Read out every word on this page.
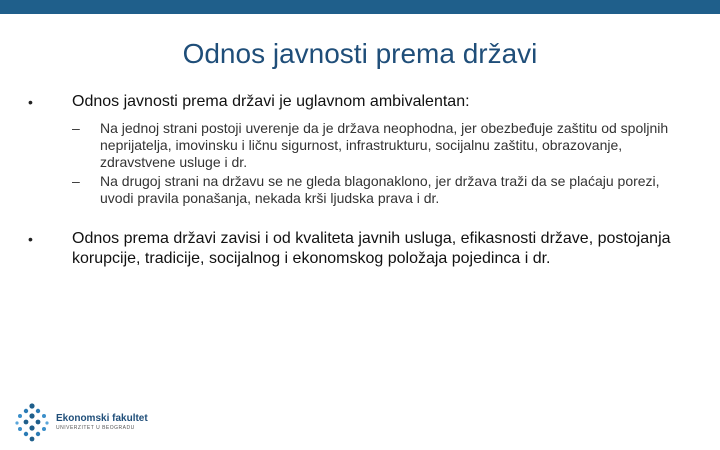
Odnos javnosti prema državi
•	Odnos javnosti prema državi je uglavnom ambivalentan:
–	Na jednoj strani postoji uverenje da je država neophodna, jer obezbeđuje zaštitu od spoljnih neprijatelja, imovinsku i ličnu sigurnost, infrastrukturu, socijalnu zaštitu, obrazovanje, zdravstvene usluge i dr.
–	Na drugoj strani na državu se ne gleda blagonaklono, jer država traži da se plaćaju porezi, uvodi pravila ponašanja, nekada krši ljudska prava i dr.
•	Odnos prema državi zavisi i od kvaliteta javnih usluga, efikasnosti države, postojanja korupcije, tradicije, socijalnog i ekonomskog položaja pojedinca i dr.
Ekonomski fakultet
UNIVERZITET U BEOGRADU
